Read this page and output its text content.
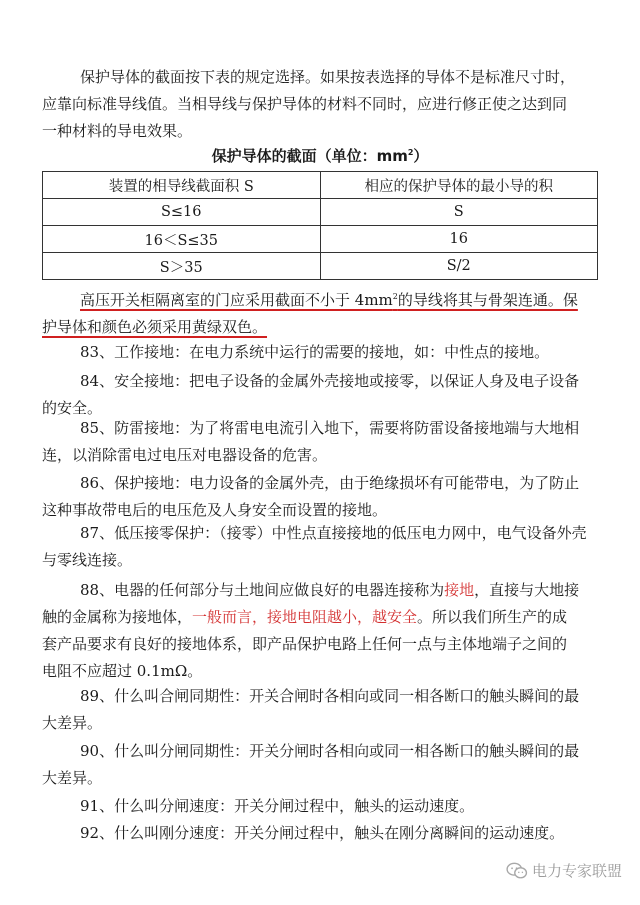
保护导体的截面按下表的规定选择。如果按表选择的导体不是标准尺寸时，
应靠向标准导线值。当相导线与保护导体的材料不同时，应进行修正使之达到同
一种材料的导电效果。

保护导体的截面（单位：$mm^2$）
装置的相导线截面积 S	相应的保护导体的最小导的积
S≤16	S
16＜S≤35	16
S＞35	S/2

高压开关柜隔离室的门应采用截面不小于 $4mm^2$的导线将其与骨架连通。保
护导体和颜色必须采用黄绿双色。

83、工作接地：在电力系统中运行的需要的接地，如：中性点的接地。

84、安全接地：把电子设备的金属外壳接地或接零，以保证人身及电子设备
的安全。

85、防雷接地：为了将雷电电流引入地下，需要将防雷设备接地端与大地相
连，以消除雷电过电压对电器设备的危害。

86、保护接地：电力设备的金属外壳，由于绝缘损坏有可能带电，为了防止
这种事故带电后的电压危及人身安全而设置的接地。

87、低压接零保护：（接零）中性点直接接地的低压电力网中，电气设备外壳
与零线连接。

88、电器的任何部分与土地间应做良好的电器连接称为接地，直接与大地接
触的金属称为接地体，一般而言，接地电阻越小，越安全。所以我们所生产的成
套产品要求有良好的接地体系，即产品保护电路上任何一点与主体地端子之间的
电阻不应超过 0.1mΩ。

89、什么叫合闸同期性：开关合闸时各相向或同一相各断口的触头瞬间的最
大差异。

90、什么叫分闸同期性：开关分闸时各相向或同一相各断口的触头瞬间的最
大差异。

91、什么叫分闸速度：开关分闸过程中，触头的运动速度。

92、什么叫刚分速度：开关分闸过程中，触头在刚分离瞬间的运动速度。

电力专家联盟
